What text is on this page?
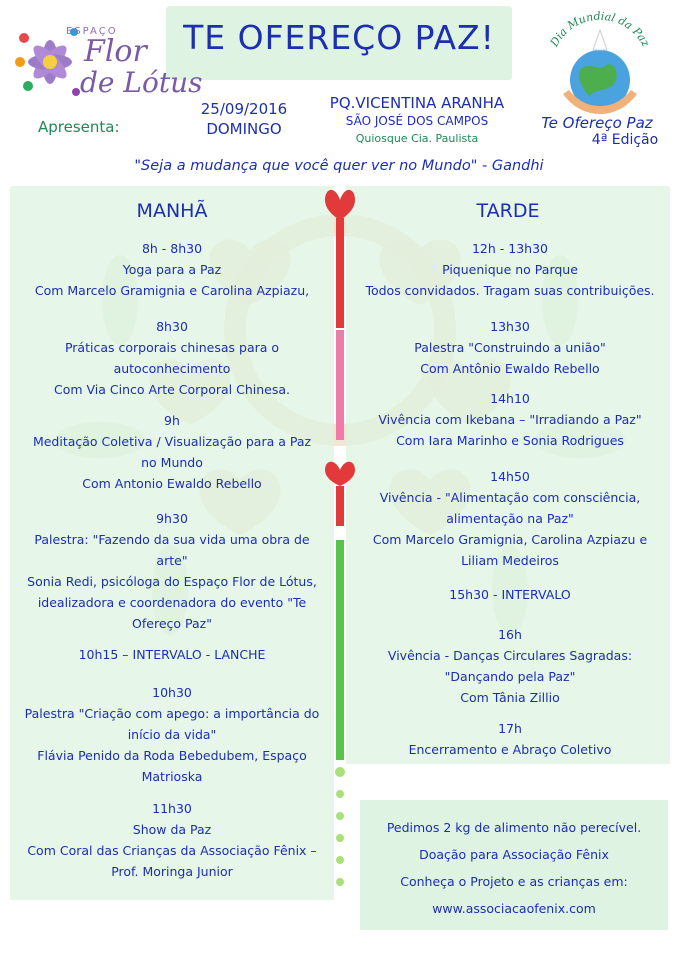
TE OFEREÇO PAZ!
ESPAÇO
Flor
de Lótus
Apresenta:
25/09/2016
DOMINGO
PQ.VICENTINA ARANHA
SÃO JOSÉ DOS CAMPOS
Quiosque Cia. Paulista
Dia Mundial da Paz
Te Ofereço Paz
4ª Edição
"Seja a mudança que você quer ver no Mundo" - Gandhi
MANHÃ	TARDE
8h - 8h30
Yoga para a Paz
Com Marcelo Gramignia e Carolina Azpiazu,
8h30
Práticas corporais chinesas para o
autoconhecimento
Com Via Cinco Arte Corporal Chinesa.
9h
Meditação Coletiva / Visualização para a Paz
no Mundo
Com Antonio Ewaldo Rebello
9h30
Palestra: "Fazendo da sua vida uma obra de
arte"
Sonia Redi, psicóloga do Espaço Flor de Lótus,
idealizadora e coordenadora do evento "Te
Ofereço Paz"
10h15 – INTERVALO - LANCHE
10h30
Palestra "Criação com apego: a importância do
início da vida"
Flávia Penido da Roda Bebedubem, Espaço
Matrioska
11h30
Show da Paz
Com Coral das Crianças da Associação Fênix –
Prof. Moringa Junior
12h - 13h30
Piquenique no Parque
Todos convidados. Tragam suas contribuições.
13h30
Palestra "Construindo a união"
Com Antônio Ewaldo Rebello
14h10
Vivência com Ikebana – "Irradiando a Paz"
Com Iara Marinho e Sonia Rodrigues
14h50
Vivência - "Alimentação com consciência,
alimentação na Paz"
Com Marcelo Gramignia, Carolina Azpiazu e
Liliam Medeiros
15h30 - INTERVALO
16h
Vivência - Danças Circulares Sagradas:
"Dançando pela Paz"
Com Tânia Zillio
17h
Encerramento e Abraço Coletivo
Pedimos 2 kg de alimento não perecível.
Doação para Associação Fênix
Conheça o Projeto e as crianças em:
www.associacaofenix.com
